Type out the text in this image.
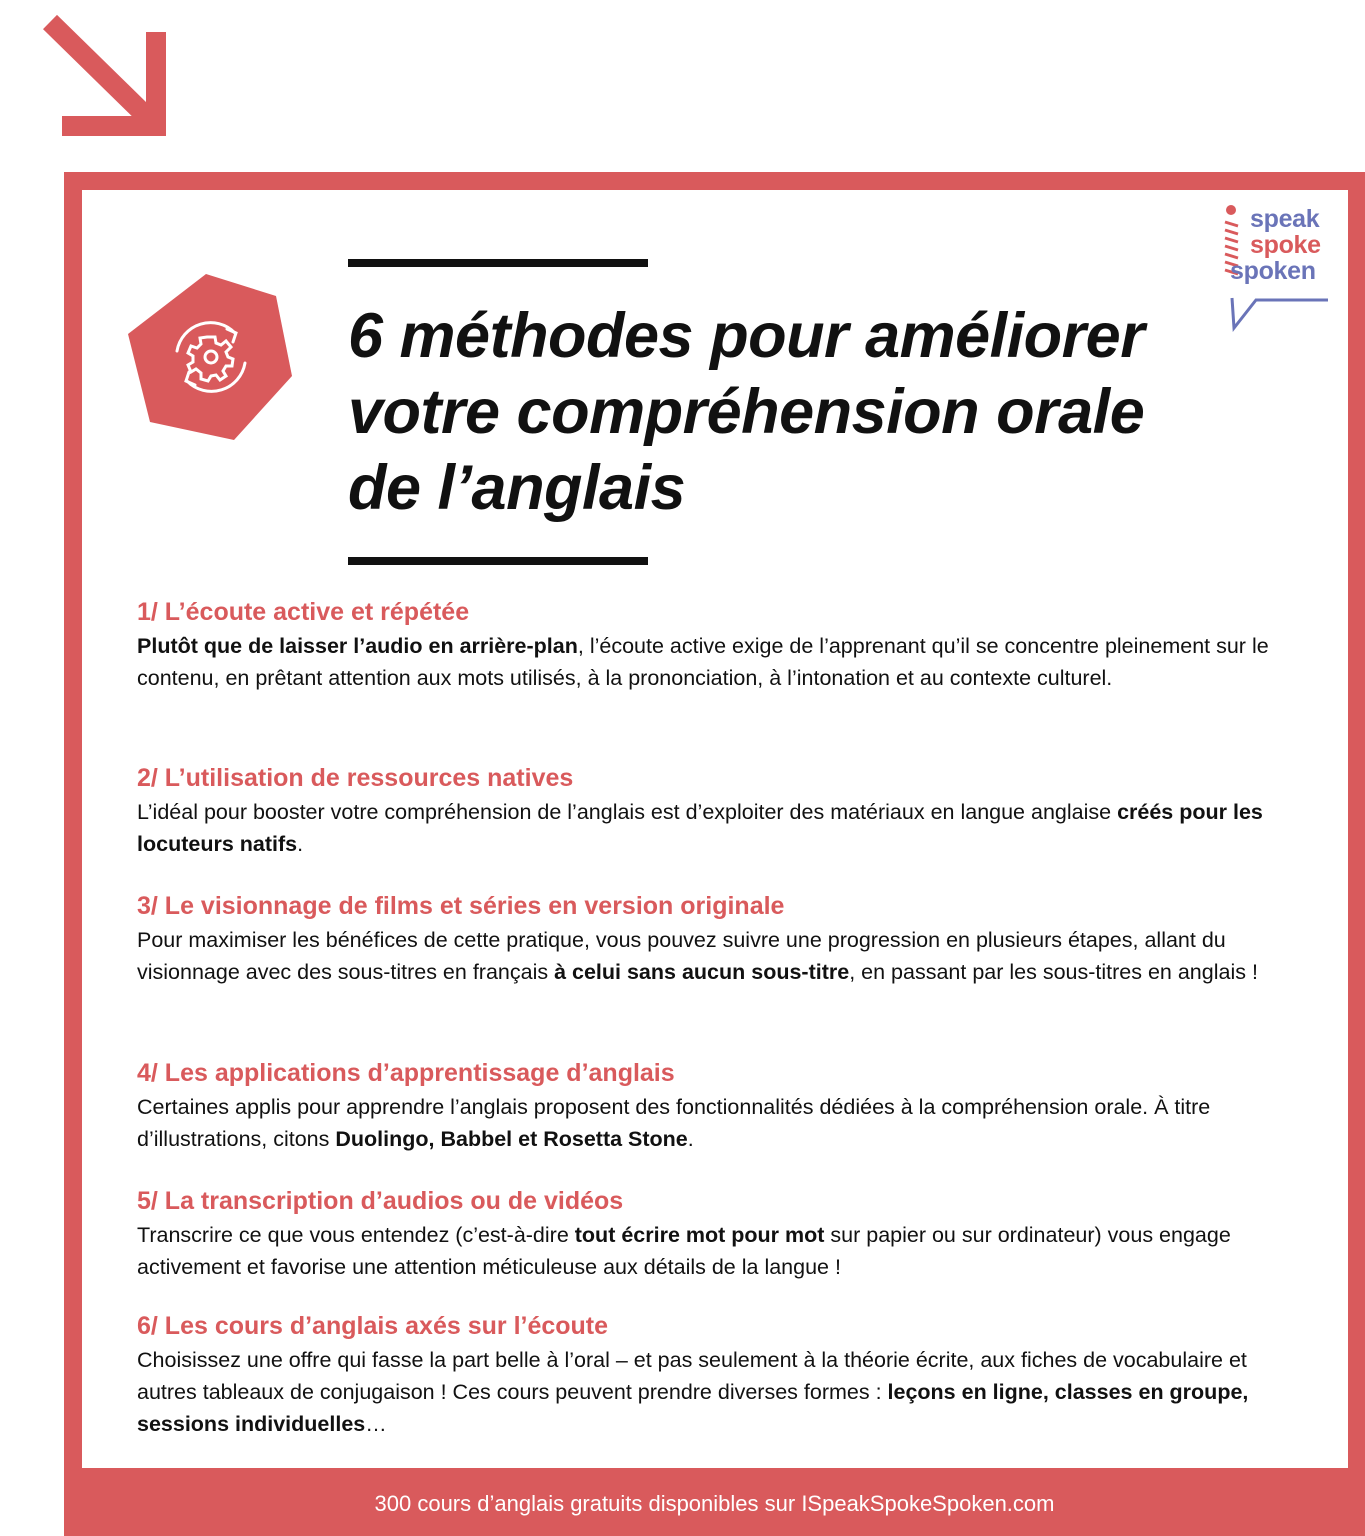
speak
spoke
spoken
6 méthodes pour améliorer
votre compréhension orale
de l’anglais
1/ L’écoute active et répétée

Plutôt que de laisser l’audio en arrière-plan, l’écoute active exige de l’apprenant qu’il se concentre pleinement sur le contenu, en prêtant attention aux mots utilisés, à la prononciation, à l’intonation et au contexte culturel.

2/ L’utilisation de ressources natives

L’idéal pour booster votre compréhension de l’anglais est d’exploiter des matériaux en langue anglaise créés pour les locuteurs natifs.

3/ Le visionnage de films et séries en version originale

Pour maximiser les bénéfices de cette pratique, vous pouvez suivre une progression en plusieurs étapes, allant du visionnage avec des sous-titres en français à celui sans aucun sous-titre, en passant par les sous-titres en anglais !

4/ Les applications d’apprentissage d’anglais

Certaines applis pour apprendre l’anglais proposent des fonctionnalités dédiées à la compréhension orale. À titre d’illustrations, citons Duolingo, Babbel et Rosetta Stone.

5/ La transcription d’audios ou de vidéos

Transcrire ce que vous entendez (c’est-à-dire tout écrire mot pour mot sur papier ou sur ordinateur) vous engage activement et favorise une attention méticuleuse aux détails de la langue !

6/ Les cours d’anglais axés sur l’écoute

Choisissez une offre qui fasse la part belle à l’oral – et pas seulement à la théorie écrite, aux fiches de vocabulaire et autres tableaux de conjugaison ! Ces cours peuvent prendre diverses formes : leçons en ligne, classes en groupe, sessions individuelles…

300 cours d’anglais gratuits disponibles sur ISpeakSpokeSpoken.com
